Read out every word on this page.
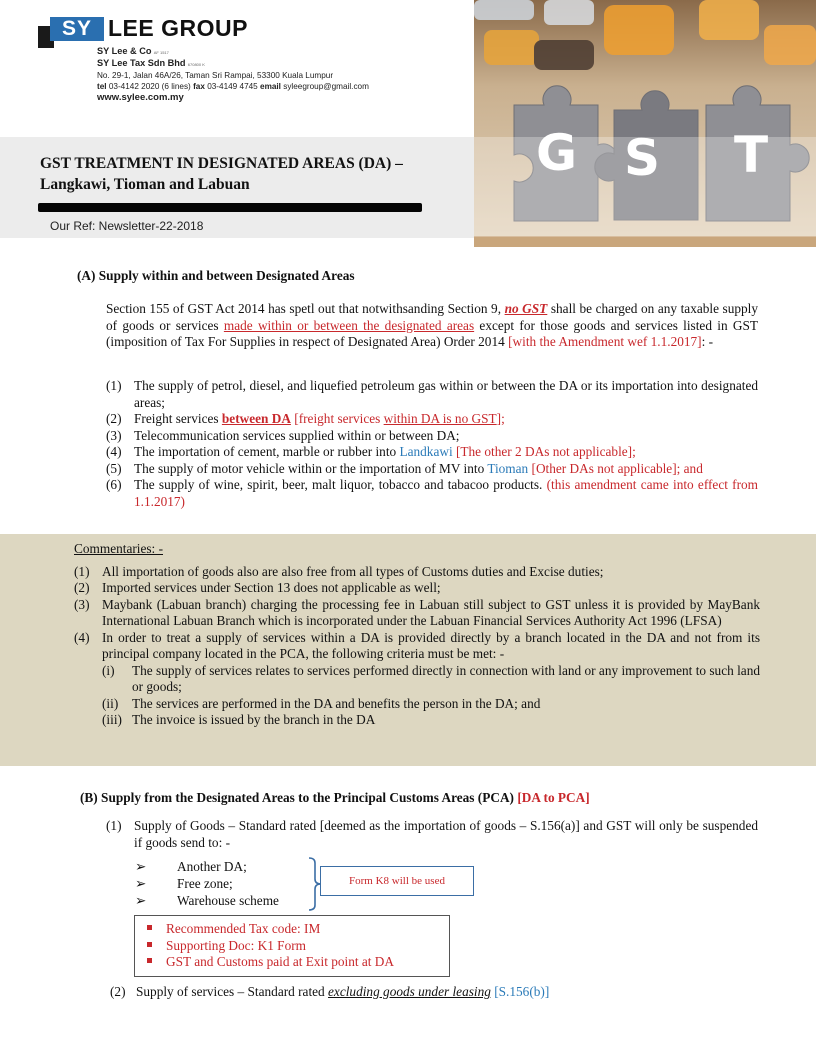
SY LEE GROUP
SY Lee & Co AF 1517
SY Lee Tax Sdn Bhd 670800 K
No. 29-1, Jalan 46A/26, Taman Sri Rampai, 53300 Kuala Lumpur
tel 03-4142 2020 (6 lines) fax 03-4149 4745 email syleegroup@gmail.com
www.sylee.com.my
GST TREATMENT IN DESIGNATED AREAS (DA) –
Langkawi, Tioman and Labuan
Our Ref: Newsletter-22-2018
G S T
(A) Supply within and between Designated Areas
Section 155 of GST Act 2014 has spetl out that notwithsanding Section 9, no GST shall be charged on any taxable supply of goods or services made within or between the designated areas except for those goods and services listed in GST (imposition of Tax For Supplies in respect of Designated Area) Order 2014 [with the Amendment wef 1.1.2017]: -
(1) The supply of petrol, diesel, and liquefied petroleum gas within or between the DA or its importation into designated areas;
(2) Freight services between DA [freight services within DA is no GST];
(3) Telecommunication services supplied within or between DA;
(4) The importation of cement, marble or rubber into Landkawi [The other 2 DAs not applicable];
(5) The supply of motor vehicle within or the importation of MV into Tioman [Other DAs not applicable]; and
(6) The supply of wine, spirit, beer, malt liquor, tobacco and tabacoo products. (this amendment came into effect from 1.1.2017)
Commentaries: -
(1) All importation of goods also are also free from all types of Customs duties and Excise duties;
(2) Imported services under Section 13 does not applicable as well;
(3) Maybank (Labuan branch) charging the processing fee in Labuan still subject to GST unless it is provided by MayBank International Labuan Branch which is incorporated under the Labuan Financial Services Authority Act 1996 (LFSA)
(4) In order to treat a supply of services within a DA is provided directly by a branch located in the DA and not from its principal company located in the PCA, the following criteria must be met: -
(i) The supply of services relates to services performed directly in connection with land or any improvement to such land or goods;
(ii) The services are performed in the DA and benefits the person in the DA; and
(iii) The invoice is issued by the branch in the DA
(B) Supply from the Designated Areas to the Principal Customs Areas (PCA) [DA to PCA]
(1) Supply of Goods – Standard rated [deemed as the importation of goods – S.156(a)] and GST will only be suspended if goods send to: -
➢ Another DA;
➢ Free zone;
➢ Warehouse scheme
Form K8 will be used
Recommended Tax code: IM
Supporting Doc: K1 Form
GST and Customs paid at Exit point at DA
(2) Supply of services – Standard rated excluding goods under leasing [S.156(b)]
